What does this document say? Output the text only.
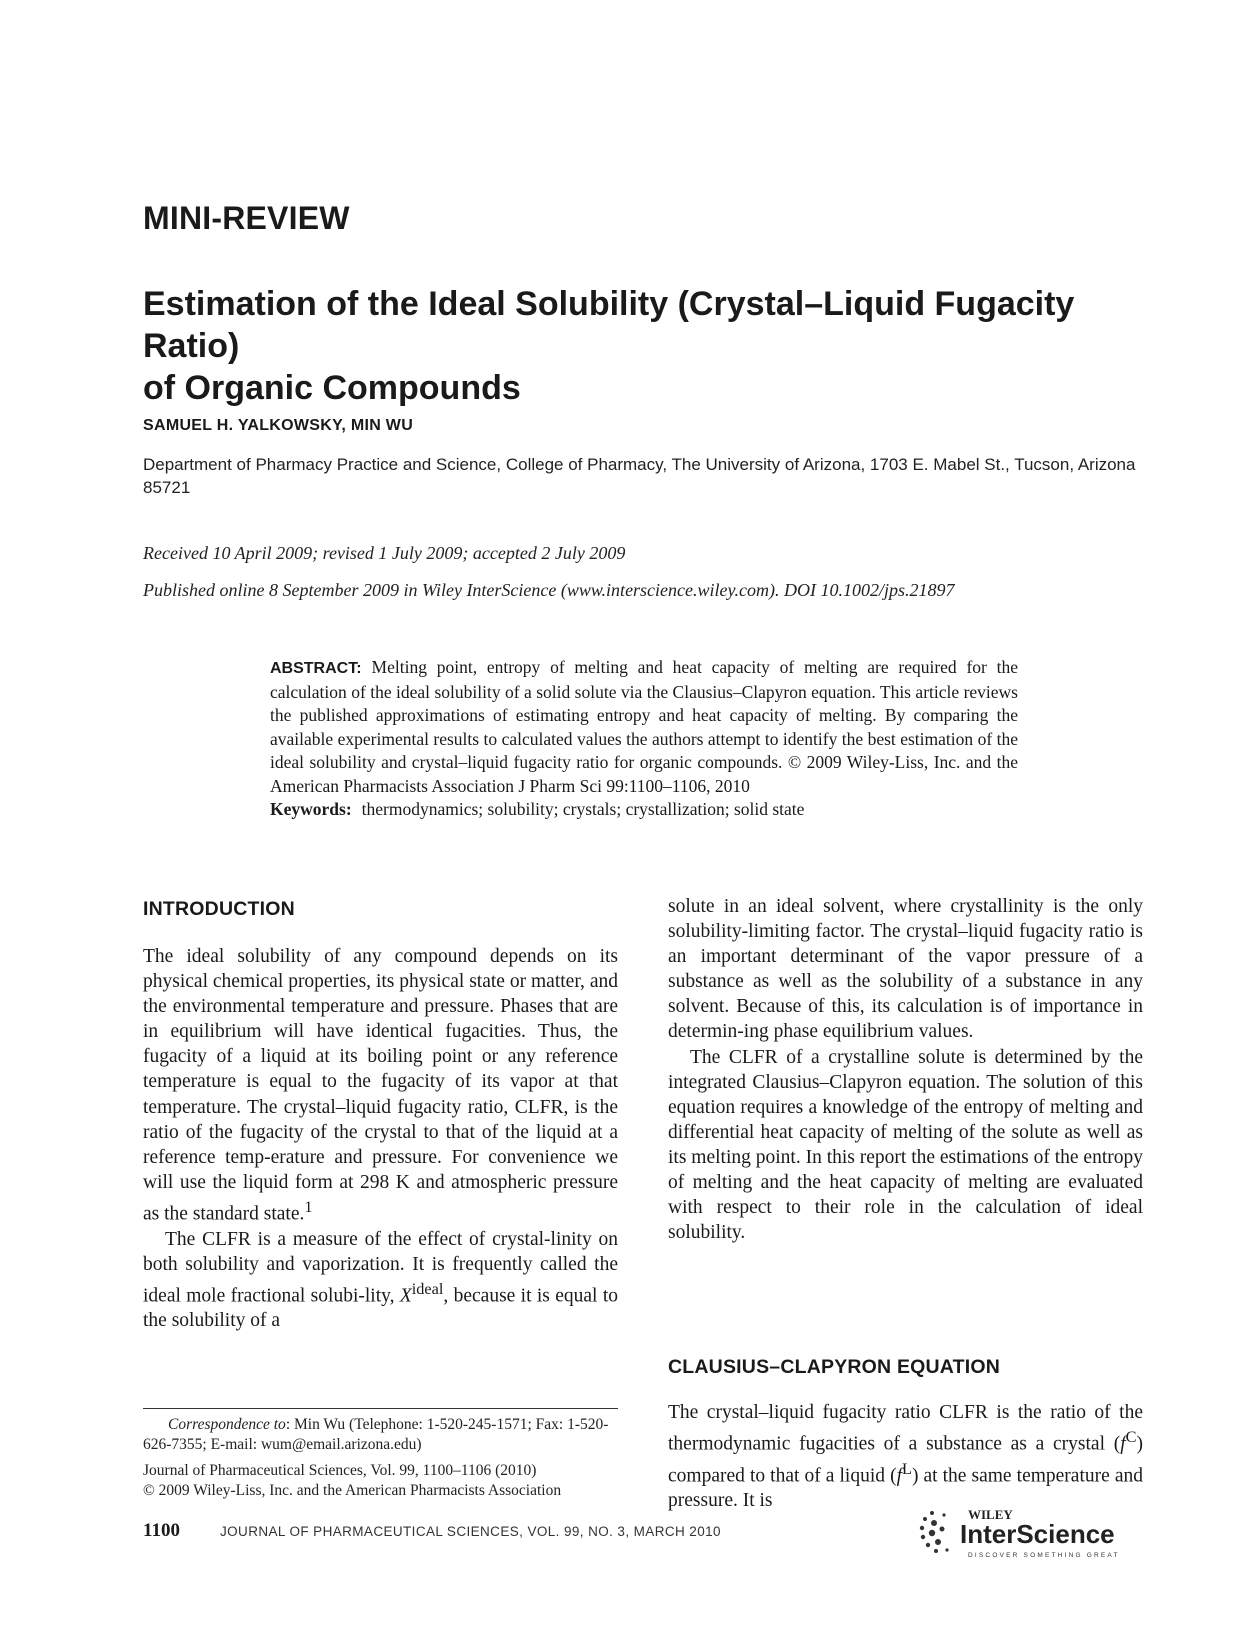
MINI-REVIEW
Estimation of the Ideal Solubility (Crystal–Liquid Fugacity Ratio)
of Organic Compounds
SAMUEL H. YALKOWSKY, MIN WU
Department of Pharmacy Practice and Science, College of Pharmacy, The University of Arizona, 1703 E. Mabel St., Tucson, Arizona 85721
Received 10 April 2009; revised 1 July 2009; accepted 2 July 2009
Published online 8 September 2009 in Wiley InterScience (www.interscience.wiley.com). DOI 10.1002/jps.21897
ABSTRACT: Melting point, entropy of melting and heat capacity of melting are required for the calculation of the ideal solubility of a solid solute via the Clausius–Clapyron equation. This article reviews the published approximations of estimating entropy and heat capacity of melting. By comparing the available experimental results to calculated values the authors attempt to identify the best estimation of the ideal solubility and crystal–liquid fugacity ratio for organic compounds. © 2009 Wiley-Liss, Inc. and the American Pharmacists Association J Pharm Sci 99:1100–1106, 2010
Keywords: thermodynamics; solubility; crystals; crystallization; solid state
INTRODUCTION

The ideal solubility of any compound depends on its physical chemical properties, its physical state or matter, and the environmental temperature and pressure. Phases that are in equilibrium will have identical fugacities. Thus, the fugacity of a liquid at its boiling point or any reference temperature is equal to the fugacity of its vapor at that temperature. The crystal–liquid fugacity ratio, CLFR, is the ratio of the fugacity of the crystal to that of the liquid at a reference temp-erature and pressure. For convenience we will use the liquid form at 298 K and atmospheric pressure as the standard state.$^1$

The CLFR is a measure of the effect of crystal-linity on both solubility and vaporization. It is frequently called the ideal mole fractional solubi-lity, $X^{ideal}$, because it is equal to the solubility of a

solute in an ideal solvent, where crystallinity is the only solubility-limiting factor. The crystal–liquid fugacity ratio is an important determinant of the vapor pressure of a substance as well as the solubility of a substance in any solvent. Because of this, its calculation is of importance in determin-ing phase equilibrium values.

The CLFR of a crystalline solute is determined by the integrated Clausius–Clapyron equation. The solution of this equation requires a knowledge of the entropy of melting and differential heat capacity of melting of the solute as well as its melting point. In this report the estimations of the entropy of melting and the heat capacity of melting are evaluated with respect to their role in the calculation of ideal solubility.

CLAUSIUS–CLAPYRON EQUATION

The crystal–liquid fugacity ratio CLFR is the ratio of the thermodynamic fugacities of a substance as a crystal $(f^C)$ compared to that of a liquid $(f^L)$ at the same temperature and pressure. It is

Correspondence to: Min Wu (Telephone: 1-520-245-1571; Fax: 1-520-626-7355; E-mail: wum@email.arizona.edu)

Journal of Pharmaceutical Sciences, Vol. 99, 1100–1106 (2010)

© 2009 Wiley-Liss, Inc. and the American Pharmacists Association

1100	JOURNAL OF PHARMACEUTICAL SCIENCES, VOL. 99, NO. 3, MARCH 2010
WILEY
InterScience
DISCOVER SOMETHING GREAT
